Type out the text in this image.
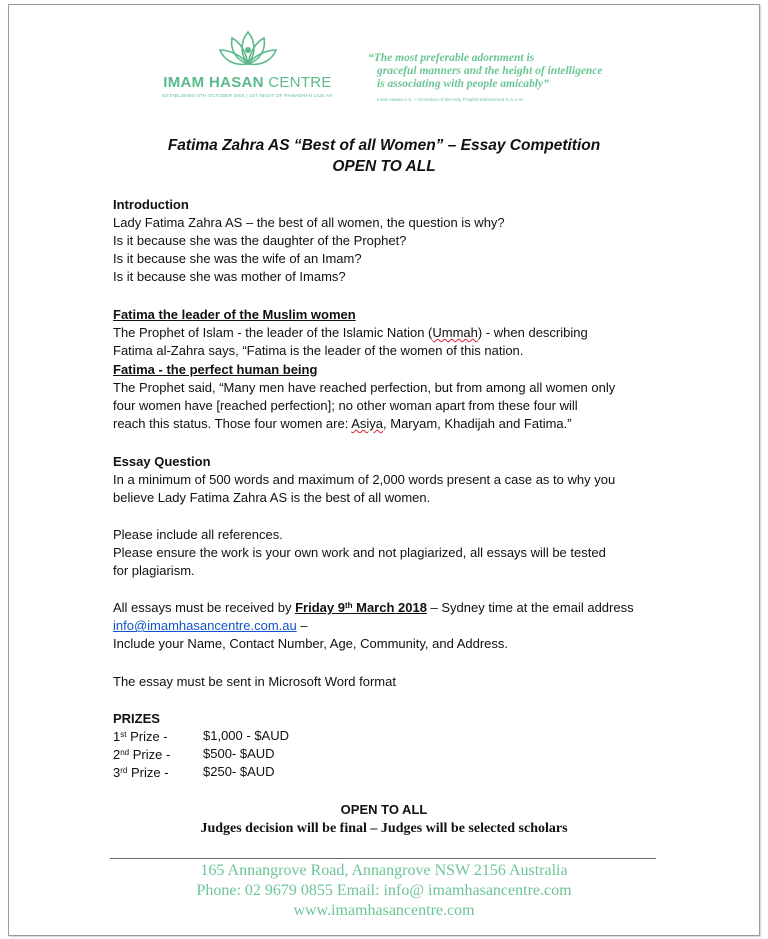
IMAM HASAN CENTRE
ESTABLISHED 8TH OCTOBER 2004 | 1ST NIGHT OF RAMADHAN 1425 AH
“The most preferable adornment is
graceful manners and the height of intelligence
is associating with people amicably”
Imam Hasan A.S. ~ Grandson of the Holy Prophet Muhammad S.A.A.W
Fatima Zahra AS “Best of all Women” – Essay Competition
OPEN TO ALL
Introduction
Lady Fatima Zahra AS – the best of all women, the question is why?
Is it because she was the daughter of the Prophet?
Is it because she was the wife of an Imam?
Is it because she was mother of Imams?
Fatima the leader of the Muslim women
The Prophet of Islam - the leader of the Islamic Nation (Ummah) - when describing
Fatima al-Zahra says, “Fatima is the leader of the women of this nation.
Fatima - the perfect human being
The Prophet said, “Many men have reached perfection, but from among all women only
four women have [reached perfection]; no other woman apart from these four will
reach this status. Those four women are: Asiya, Maryam, Khadijah and Fatima.”
Essay Question
In a minimum of 500 words and maximum of 2,000 words present a case as to why you
believe Lady Fatima Zahra AS is the best of all women.
Please include all references.
Please ensure the work is your own work and not plagiarized, all essays will be tested
for plagiarism.
All essays must be received by Friday 9th March 2018 – Sydney time at the email address
info@imamhasancentre.com.au –
Include your Name, Contact Number, Age, Community, and Address.
The essay must be sent in Microsoft Word format
PRIZES
1st Prize -	$1,000 - $AUD
2nd Prize -	$500- $AUD
3rd Prize -	$250- $AUD
OPEN TO ALL
Judges decision will be final – Judges will be selected scholars
165 Annangrove Road, Annangrove NSW 2156 Australia
Phone: 02 9679 0855 Email: info@ imamhasancentre.com
www.imamhasancentre.com
